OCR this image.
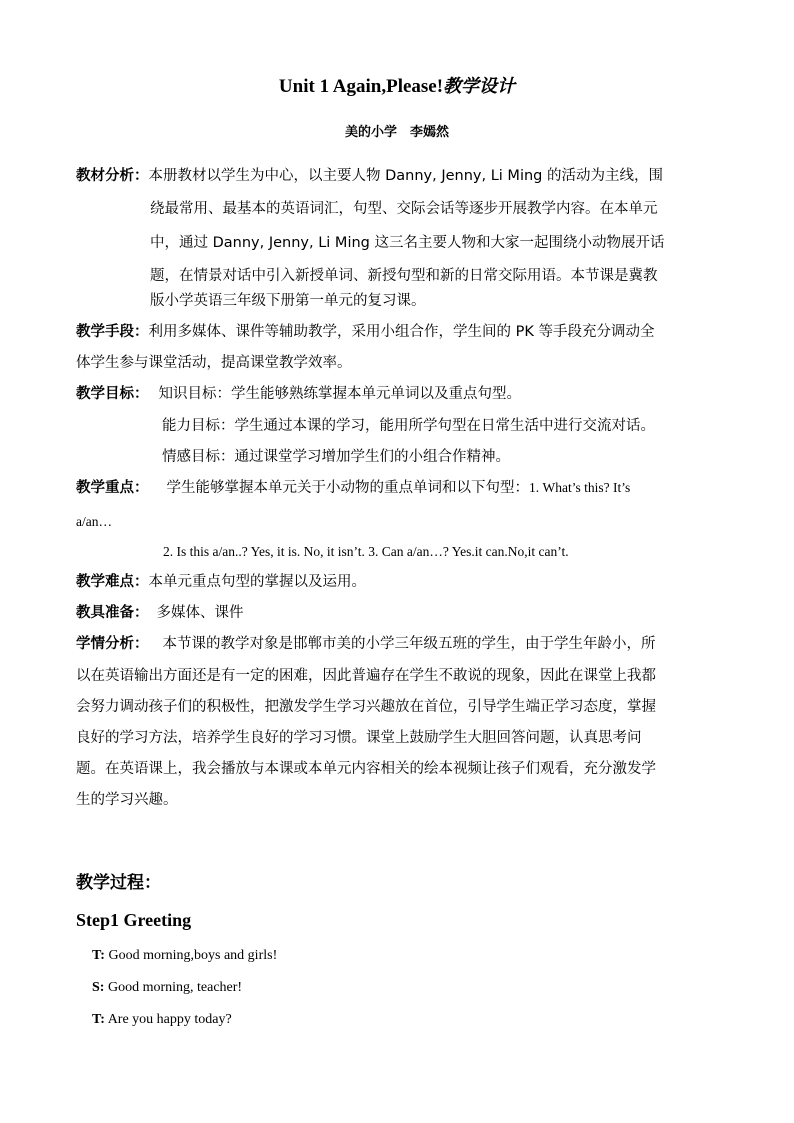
Unit 1 Again,Please!教学设计
美的小学　李嫣然
教材分析：本册教材以学生为中心，以主要人物 Danny, Jenny, Li Ming 的活动为主线，围
绕最常用、最基本的英语词汇，句型、交际会话等逐步开展教学内容。在本单元
中，通过 Danny, Jenny, Li Ming 这三名主要人物和大家一起围绕小动物展开话
题，在情景对话中引入新授单词、新授句型和新的日常交际用语。本节课是冀教
版小学英语三年级下册第一单元的复习课。
教学手段：利用多媒体、课件等辅助教学，采用小组合作，学生间的 PK 等手段充分调动全
体学生参与课堂活动，提高课堂教学效率。
教学目标： 知识目标：学生能够熟练掌握本单元单词以及重点句型。
能力目标：学生通过本课的学习，能用所学句型在日常生活中进行交流对话。
情感目标：通过课堂学习增加学生们的小组合作精神。
教学重点： 学生能够掌握本单元关于小动物的重点单词和以下句型：1. What’s this? It’s
a/an…
2. Is this a/an..? Yes, it is. No, it isn’t. 3. Can a/an…? Yes.it can.No,it can’t.
教学难点：本单元重点句型的掌握以及运用。
教具准备： 多媒体、课件
学情分析： 本节课的教学对象是邯郸市美的小学三年级五班的学生，由于学生年龄小，所
以在英语输出方面还是有一定的困难，因此普遍存在学生不敢说的现象，因此在课堂上我都
会努力调动孩子们的积极性，把激发学生学习兴趣放在首位，引导学生端正学习态度，掌握
良好的学习方法，培养学生良好的学习习惯。课堂上鼓励学生大胆回答问题，认真思考问
题。在英语课上，我会播放与本课或本单元内容相关的绘本视频让孩子们观看，充分激发学
生的学习兴趣。
教学过程：
Step1 Greeting
T: Good morning,boys and girls!
S: Good morning, teacher!
T: Are you happy today?
